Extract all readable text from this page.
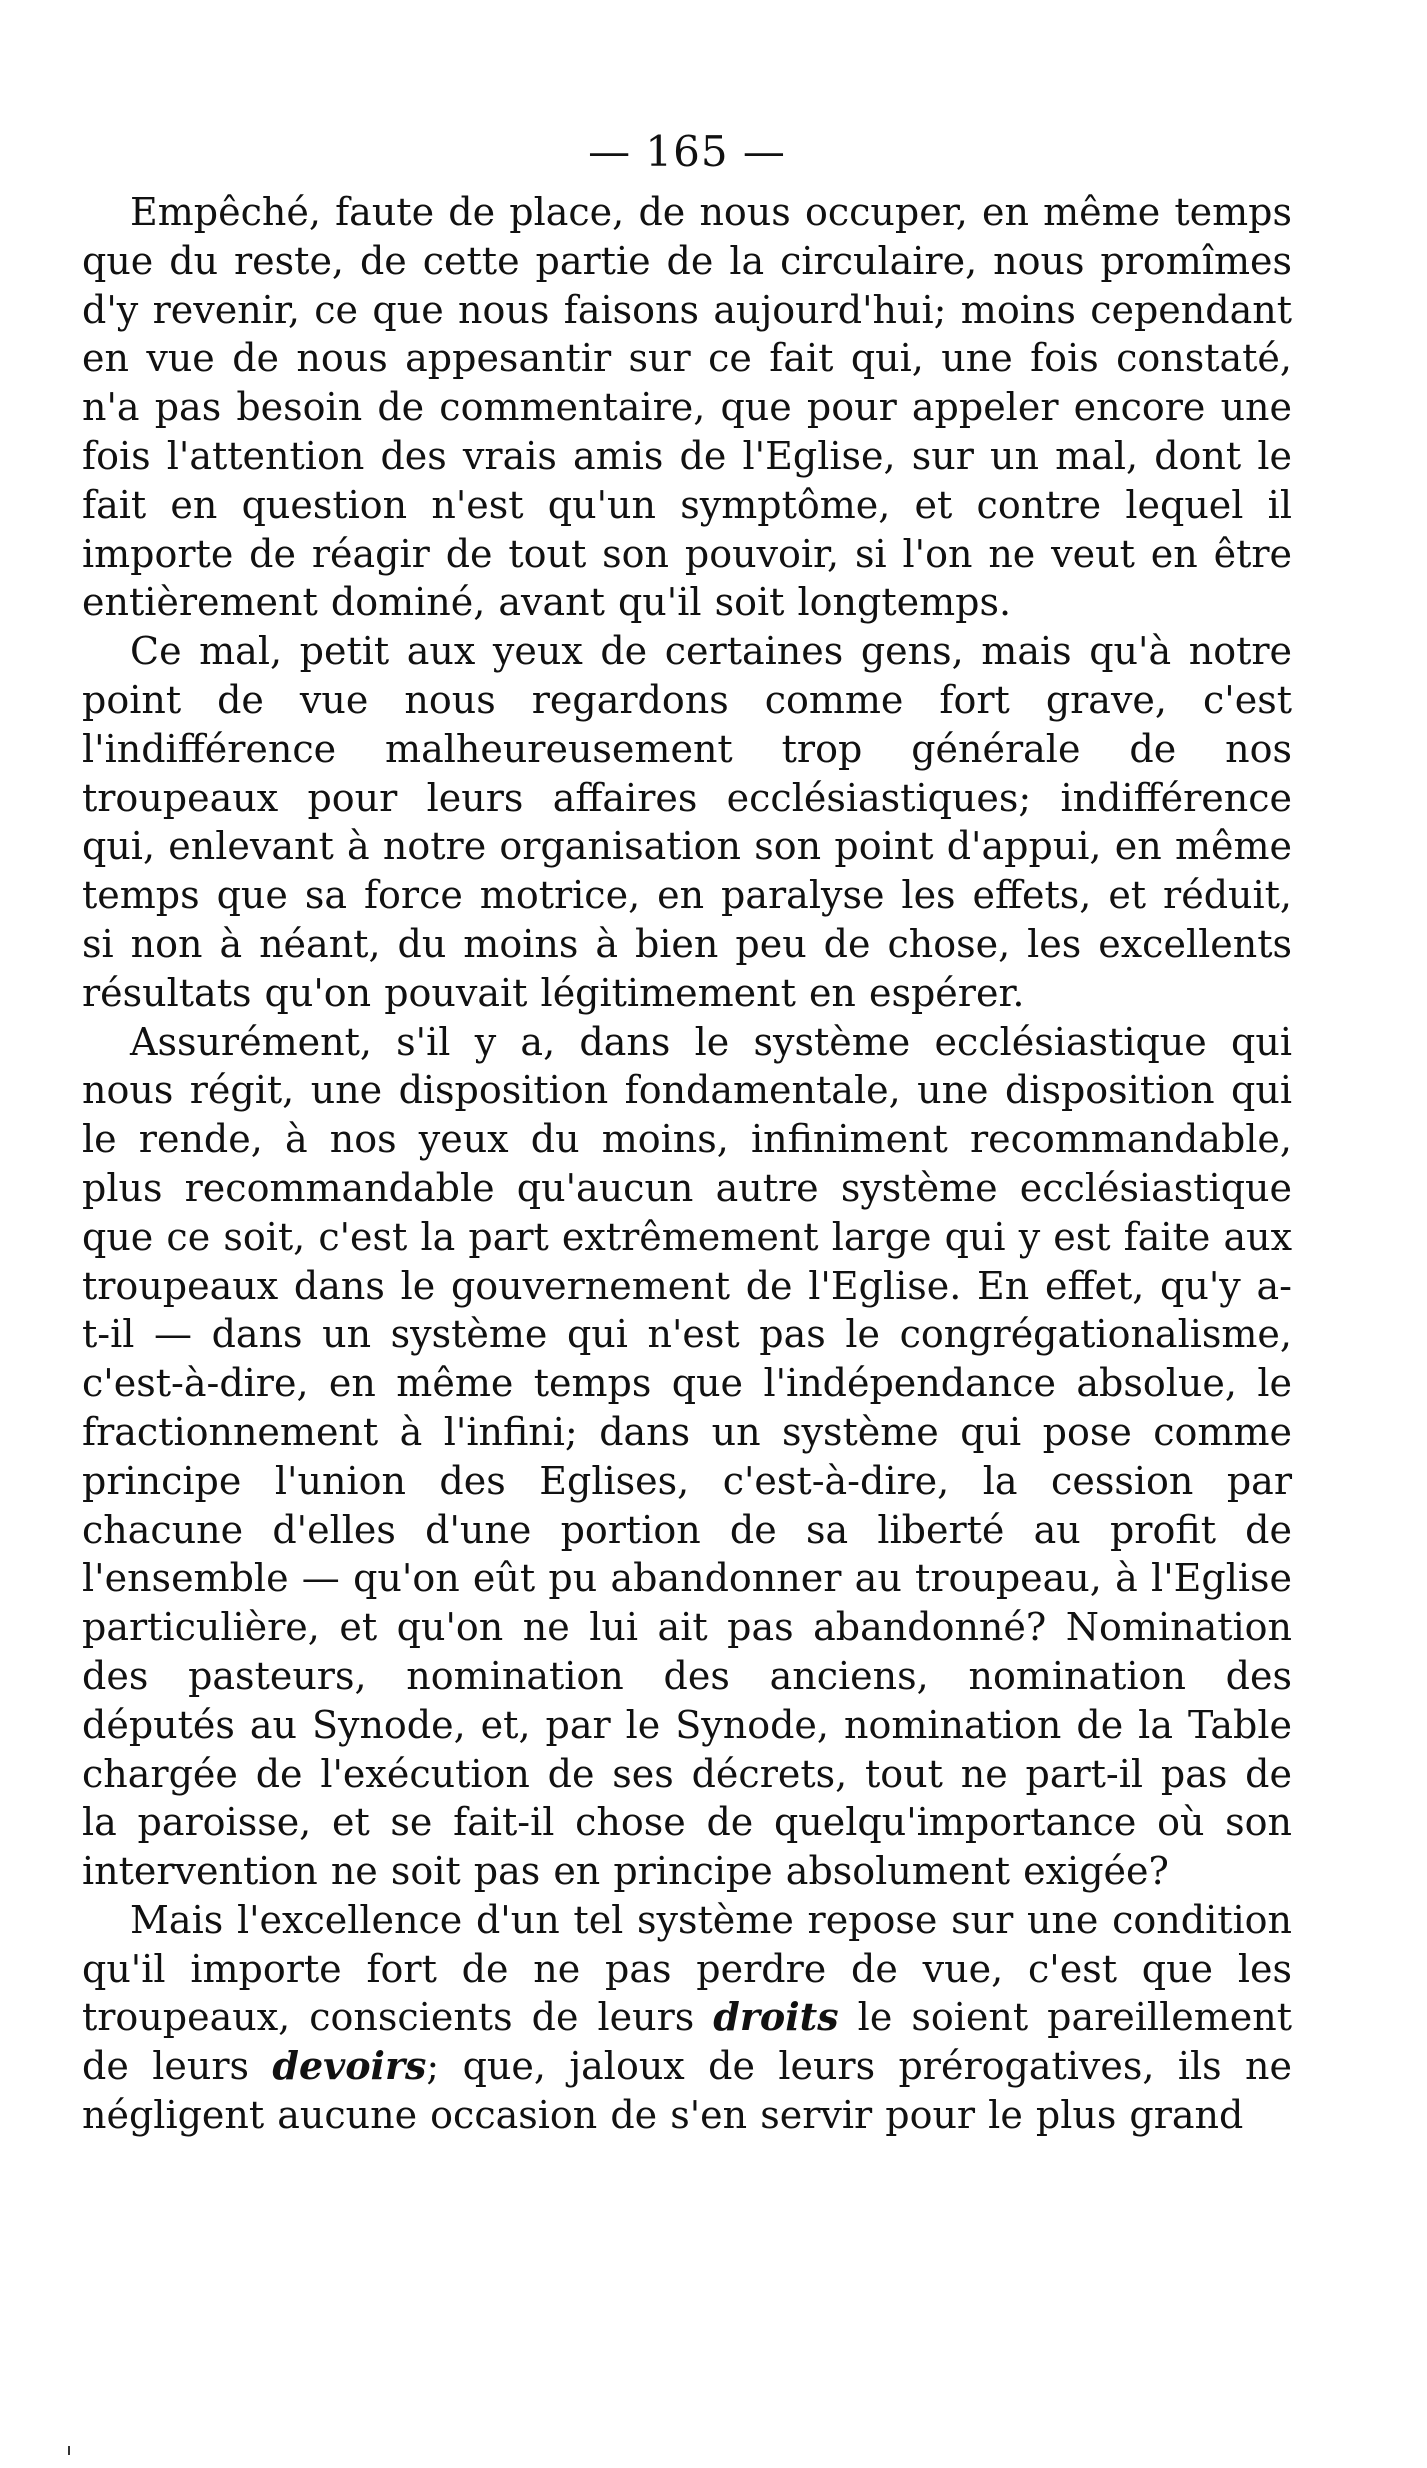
— 165 —

Empêché, faute de place, de nous occuper, en même temps que du reste, de cette partie de la circulaire, nous promîmes d'y revenir, ce que nous faisons aujourd'hui; moins cependant en vue de nous appesantir sur ce fait qui, une fois constaté, n'a pas besoin de commentaire, que pour appeler encore une fois l'attention des vrais amis de l'Eglise, sur un mal, dont le fait en question n'est qu'un symptôme, et contre lequel il importe de réagir de tout son pouvoir, si l'on ne veut en être entièrement dominé, avant qu'il soit longtemps.

Ce mal, petit aux yeux de certaines gens, mais qu'à notre point de vue nous regardons comme fort grave, c'est l'indifférence malheureusement trop générale de nos troupeaux pour leurs affaires ecclésiastiques; indifférence qui, enlevant à notre organisation son point d'appui, en même temps que sa force motrice, en paralyse les effets, et réduit, si non à néant, du moins à bien peu de chose, les excellents résultats qu'on pouvait légitimement en espérer.

Assurément, s'il y a, dans le système ecclésiastique qui nous régit, une disposition fondamentale, une disposition qui le rende, à nos yeux du moins, infiniment recommandable, plus recommandable qu'aucun autre système ecclésiastique que ce soit, c'est la part extrêmement large qui y est faite aux troupeaux dans le gouvernement de l'Eglise. En effet, qu'y a-t-il — dans un système qui n'est pas le congrégationalisme, c'est-à-dire, en même temps que l'indépendance absolue, le fractionnement à l'infini; dans un système qui pose comme principe l'union des Eglises, c'est-à-dire, la cession par chacune d'elles d'une portion de sa liberté au profit de l'ensemble — qu'on eût pu abandonner au troupeau, à l'Eglise particulière, et qu'on ne lui ait pas abandonné? Nomination des pasteurs, nomination des anciens, nomination des députés au Synode, et, par le Synode, nomination de la Table chargée de l'exécution de ses décrets, tout ne part-il pas de la paroisse, et se fait-il chose de quelqu'importance où son intervention ne soit pas en principe absolument exigée?

Mais l'excellence d'un tel système repose sur une condition qu'il importe fort de ne pas perdre de vue, c'est que les troupeaux, conscients de leurs droits le soient pareillement de leurs devoirs; que, jaloux de leurs prérogatives, ils ne négligent aucune occasion de s'en servir pour le plus grand
